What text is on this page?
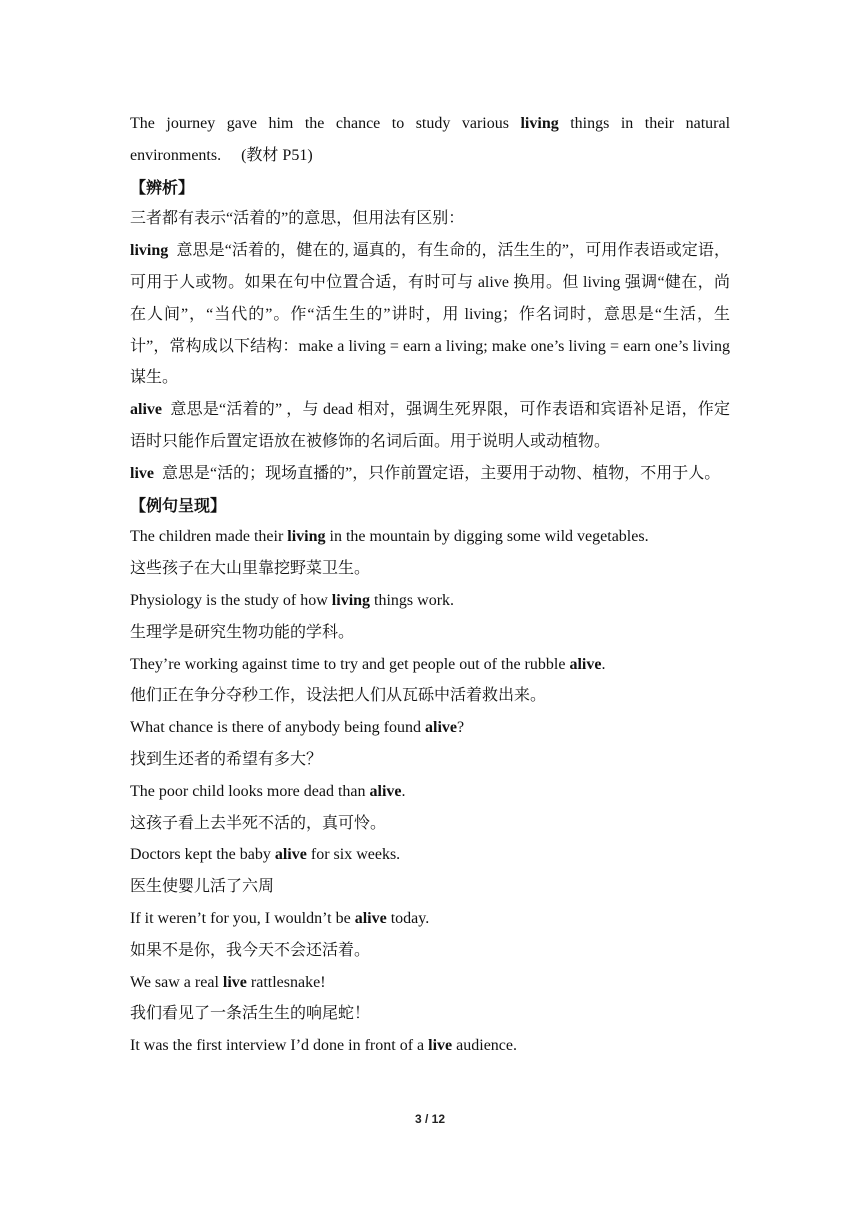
The journey gave him the chance to study various living things in their natural
environments. (教材 P51)
【辨析】
三者都有表示“活着的”的意思，但用法有区别：
living 意思是“活着的，健在的, 逼真的，有生命的，活生生的”，可用作表语或定语，可用于人或物。如果在句中位置合适，有时可与 alive 换用。但 living 强调“健在，尚在人间”，“当代的”。作“活生生的”讲时，用 living；作名词时，意思是“生活，生计”，常构成以下结构：make a living = earn a living; make one’s living = earn one’s living 谋生。
alive 意思是“活着的” ，与 dead 相对，强调生死界限，可作表语和宾语补足语，作定语时只能作后置定语放在被修饰的名词后面。用于说明人或动植物。
live 意思是“活的；现场直播的”，只作前置定语，主要用于动物、植物，不用于人。
【例句呈现】
The children made their living in the mountain by digging some wild vegetables.
这些孩子在大山里靠挖野菜卫生。
Physiology is the study of how living things work.
生理学是研究生物功能的学科。
They’re working against time to try and get people out of the rubble alive.
他们正在争分夺秒工作，设法把人们从瓦砾中活着救出来。
What chance is there of anybody being found alive?
找到生还者的希望有多大？
The poor child looks more dead than alive.
这孩子看上去半死不活的，真可怜。
Doctors kept the baby alive for six weeks.
医生使婴儿活了六周
If it weren’t for you, I wouldn’t be alive today.
如果不是你，我今天不会还活着。
We saw a real live rattlesnake!
我们看见了一条活生生的响尾蛇！
It was the first interview I’d done in front of a live audience.
3 / 12
